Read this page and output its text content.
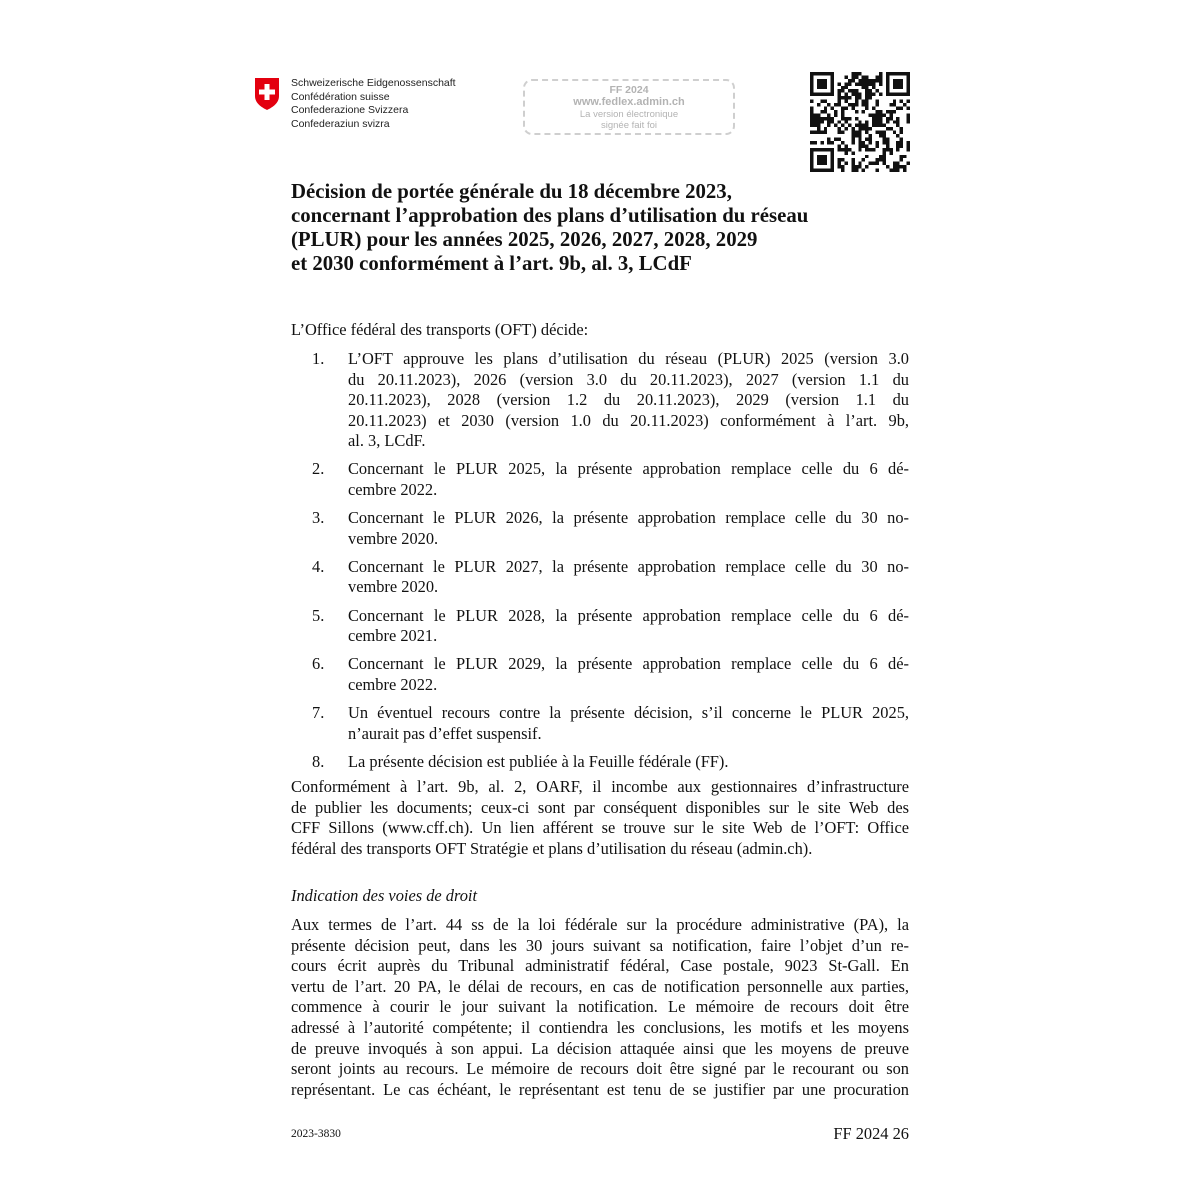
Schweizerische Eidgenossenschaft
Confédération suisse
Confederazione Svizzera
Confederaziun svizra
FF 2024
www.fedlex.admin.ch
La version électronique
signée fait foi
Décision de portée générale du 18 décembre 2023,
concernant l’approbation des plans d’utilisation du réseau
(PLUR) pour les années 2025, 2026, 2027, 2028, 2029
et 2030 conformément à l’art. 9b, al. 3, LCdF
L’Office fédéral des transports (OFT) décide:
1.	L’OFT approuve les plans d’utilisation du réseau (PLUR) 2025 (version 3.0
du 20.11.2023), 2026 (version 3.0 du 20.11.2023), 2027 (version 1.1 du
20.11.2023), 2028 (version 1.2 du 20.11.2023), 2029 (version 1.1 du
20.11.2023) et 2030 (version 1.0 du 20.11.2023) conformément à l’art. 9b,
al. 3, LCdF.
2.	Concernant le PLUR 2025, la présente approbation remplace celle du 6 dé-
cembre 2022.
3.	Concernant le PLUR 2026, la présente approbation remplace celle du 30 no-
vembre 2020.
4.	Concernant le PLUR 2027, la présente approbation remplace celle du 30 no-
vembre 2020.
5.	Concernant le PLUR 2028, la présente approbation remplace celle du 6 dé-
cembre 2021.
6.	Concernant le PLUR 2029, la présente approbation remplace celle du 6 dé-
cembre 2022.
7.	Un éventuel recours contre la présente décision, s’il concerne le PLUR 2025,
n’aurait pas d’effet suspensif.
8.	La présente décision est publiée à la Feuille fédérale (FF).
Conformément à l’art. 9b, al. 2, OARF, il incombe aux gestionnaires d’infrastructure
de publier les documents; ceux-ci sont par conséquent disponibles sur le site Web des
CFF Sillons (www.cff.ch). Un lien afférent se trouve sur le site Web de l’OFT: Office
fédéral des transports OFT Stratégie et plans d’utilisation du réseau (admin.ch).
Indication des voies de droit
Aux termes de l’art. 44 ss de la loi fédérale sur la procédure administrative (PA), la
présente décision peut, dans les 30 jours suivant sa notification, faire l’objet d’un re-
cours écrit auprès du Tribunal administratif fédéral, Case postale, 9023 St-Gall. En
vertu de l’art. 20 PA, le délai de recours, en cas de notification personnelle aux parties,
commence à courir le jour suivant la notification. Le mémoire de recours doit être
adressé à l’autorité compétente; il contiendra les conclusions, les motifs et les moyens
de preuve invoqués à son appui. La décision attaquée ainsi que les moyens de preuve
seront joints au recours. Le mémoire de recours doit être signé par le recourant ou son
représentant. Le cas échéant, le représentant est tenu de se justifier par une procuration
2023-3830	FF 2024 26
